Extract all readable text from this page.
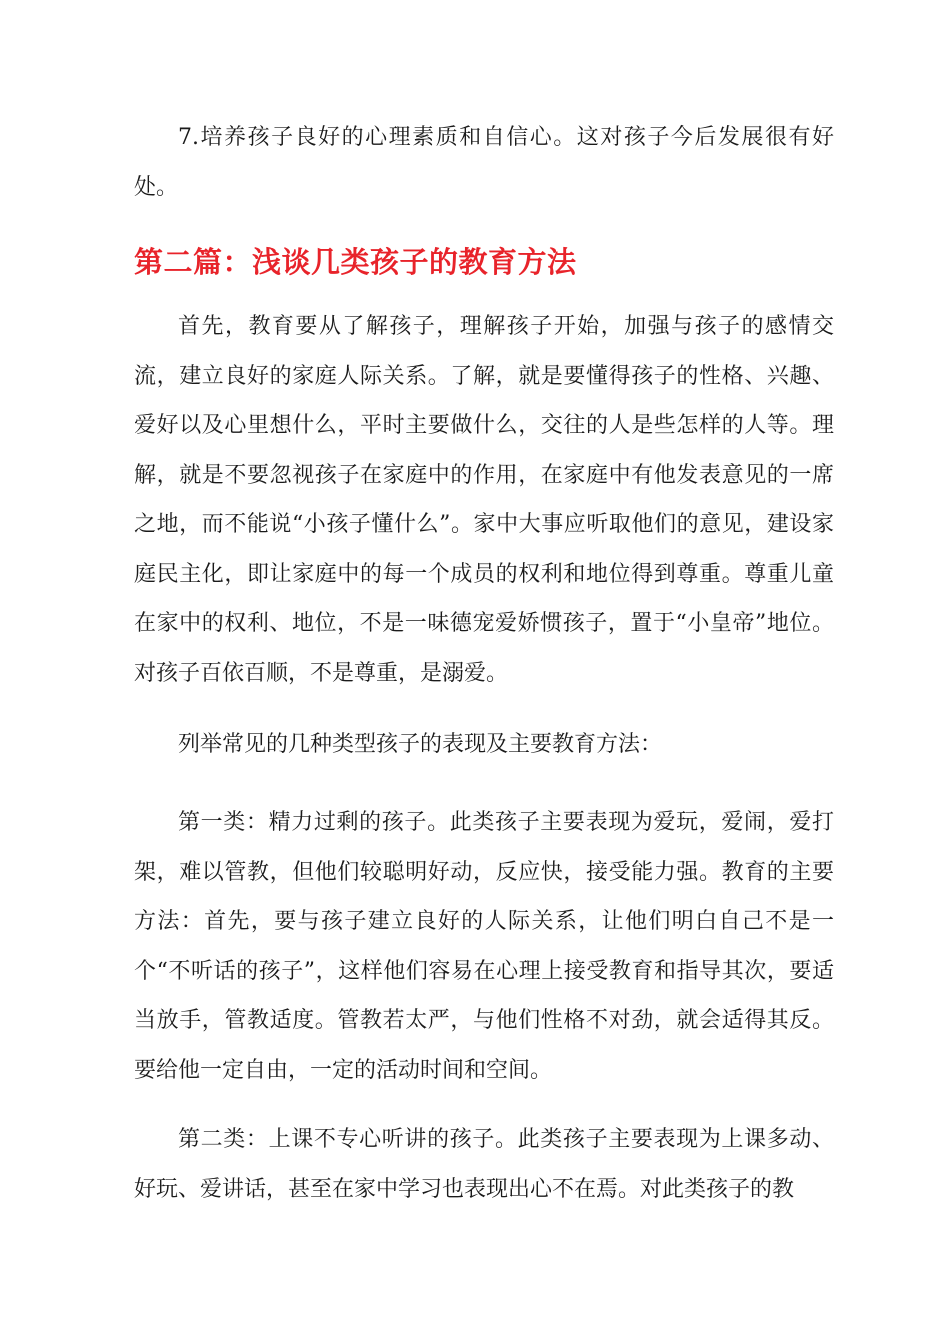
7.培养孩子良好的心理素质和自信心。这对孩子今后发展很有好处。

第二篇：浅谈几类孩子的教育方法

首先，教育要从了解孩子，理解孩子开始，加强与孩子的感情交流，建立良好的家庭人际关系。了解，就是要懂得孩子的性格、兴趣、爱好以及心里想什么，平时主要做什么，交往的人是些怎样的人等。理解，就是不要忽视孩子在家庭中的作用，在家庭中有他发表意见的一席之地，而不能说“小孩子懂什么”。家中大事应听取他们的意见，建设家庭民主化，即让家庭中的每一个成员的权利和地位得到尊重。尊重儿童在家中的权利、地位，不是一味德宠爱娇惯孩子，置于“小皇帝”地位。对孩子百依百顺，不是尊重，是溺爱。

列举常见的几种类型孩子的表现及主要教育方法：

第一类：精力过剩的孩子。此类孩子主要表现为爱玩，爱闹，爱打架，难以管教，但他们较聪明好动，反应快，接受能力强。教育的主要方法：首先，要与孩子建立良好的人际关系，让他们明白自己不是一个“不听话的孩子”，这样他们容易在心理上接受教育和指导其次，要适当放手，管教适度。管教若太严，与他们性格不对劲，就会适得其反。要给他一定自由，一定的活动时间和空间。

第二类：上课不专心听讲的孩子。此类孩子主要表现为上课多动、好玩、爱讲话，甚至在家中学习也表现出心不在焉。对此类孩子的教
